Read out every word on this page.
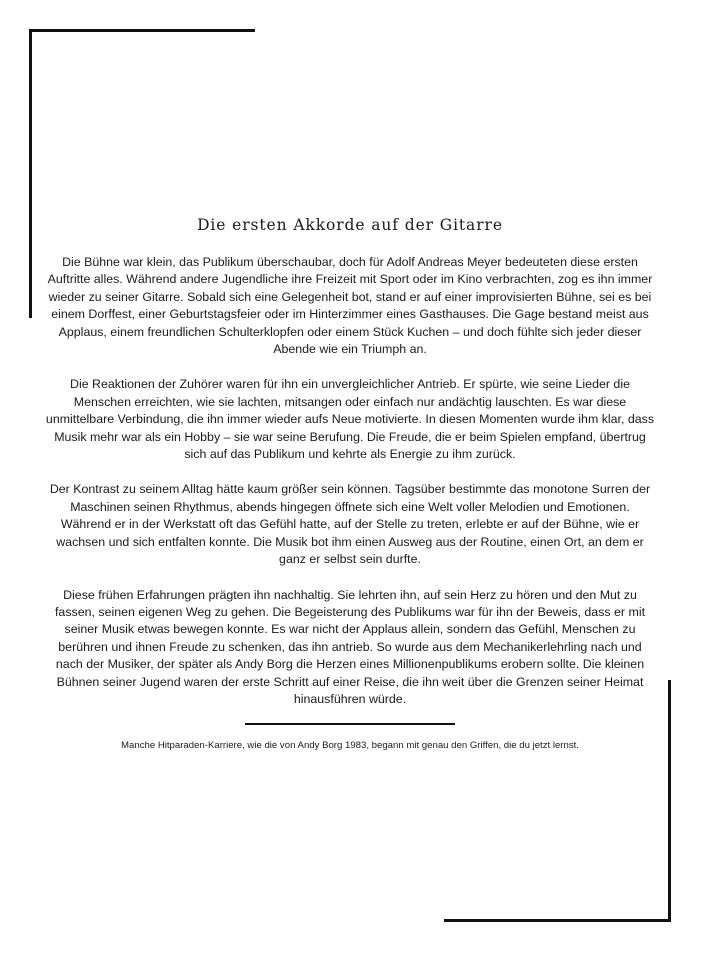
Die ersten Akkorde auf der Gitarre

Die Bühne war klein, das Publikum überschaubar, doch für Adolf Andreas Meyer bedeuteten diese ersten Auftritte alles. Während andere Jugendliche ihre Freizeit mit Sport oder im Kino verbrachten, zog es ihn immer wieder zu seiner Gitarre. Sobald sich eine Gelegenheit bot, stand er auf einer improvisierten Bühne, sei es bei einem Dorffest, einer Geburtstagsfeier oder im Hinterzimmer eines Gasthauses. Die Gage bestand meist aus Applaus, einem freundlichen Schulterklopfen oder einem Stück Kuchen – und doch fühlte sich jeder dieser Abende wie ein Triumph an.

Die Reaktionen der Zuhörer waren für ihn ein unvergleichlicher Antrieb. Er spürte, wie seine Lieder die Menschen erreichten, wie sie lachten, mitsangen oder einfach nur andächtig lauschten. Es war diese unmittelbare Verbindung, die ihn immer wieder aufs Neue motivierte. In diesen Momenten wurde ihm klar, dass Musik mehr war als ein Hobby – sie war seine Berufung. Die Freude, die er beim Spielen empfand, übertrug sich auf das Publikum und kehrte als Energie zu ihm zurück.

Der Kontrast zu seinem Alltag hätte kaum größer sein können. Tagsüber bestimmte das monotone Surren der Maschinen seinen Rhythmus, abends hingegen öffnete sich eine Welt voller Melodien und Emotionen. Während er in der Werkstatt oft das Gefühl hatte, auf der Stelle zu treten, erlebte er auf der Bühne, wie er wachsen und sich entfalten konnte. Die Musik bot ihm einen Ausweg aus der Routine, einen Ort, an dem er ganz er selbst sein durfte.

Diese frühen Erfahrungen prägten ihn nachhaltig. Sie lehrten ihn, auf sein Herz zu hören und den Mut zu fassen, seinen eigenen Weg zu gehen. Die Begeisterung des Publikums war für ihn der Beweis, dass er mit seiner Musik etwas bewegen konnte. Es war nicht der Applaus allein, sondern das Gefühl, Menschen zu berühren und ihnen Freude zu schenken, das ihn antrieb. So wurde aus dem Mechanikerlehrling nach und nach der Musiker, der später als Andy Borg die Herzen eines Millionenpublikums erobern sollte. Die kleinen Bühnen seiner Jugend waren der erste Schritt auf einer Reise, die ihn weit über die Grenzen seiner Heimat hinausführen würde.

Manche Hitparaden-Karriere, wie die von Andy Borg 1983, begann mit genau den Griffen, die du jetzt lernst.
